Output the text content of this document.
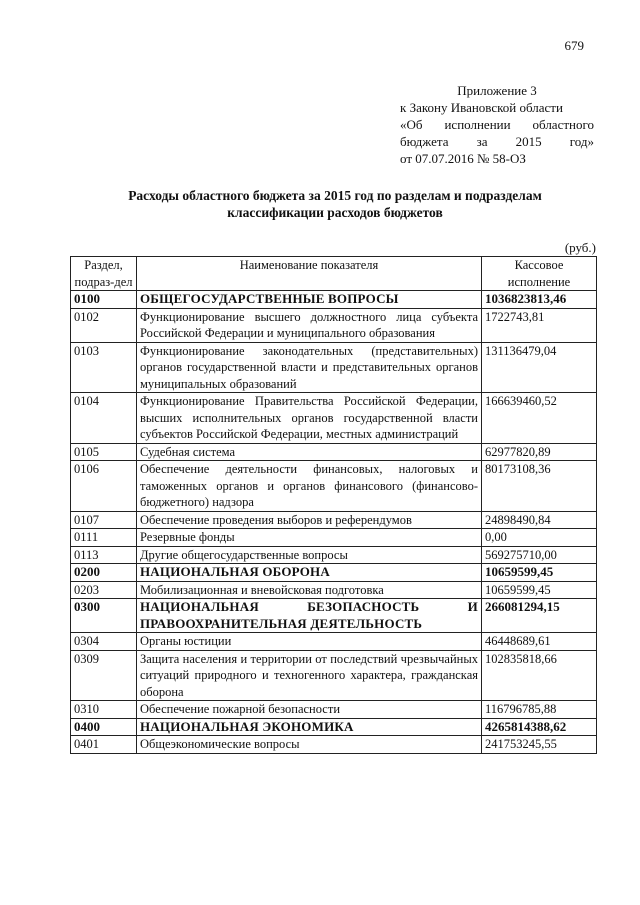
679
Приложение 3
к Закону Ивановской области
«Об исполнении областного
бюджета за 2015 год»
от 07.07.2016 № 58-ОЗ
Расходы областного бюджета за 2015 год по разделам и подразделам
классификации расходов бюджетов
(руб.)
Раздел, подраз-дел	Наименование показателя	Кассовое исполнение
0100	ОБЩЕГОСУДАРСТВЕННЫЕ ВОПРОСЫ	1036823813,46
0102	Функционирование высшего должностного лица субъекта Российской Федерации и муниципального образования	1722743,81
0103	Функционирование законодательных (представительных) органов государственной власти и представительных органов муниципальных образований	131136479,04
0104	Функционирование Правительства Российской Федерации, высших исполнительных органов государственной власти субъектов Российской Федерации, местных администраций	166639460,52
0105	Судебная система	62977820,89
0106	Обеспечение деятельности финансовых, налоговых и таможенных органов и органов финансового (финансово-бюджетного) надзора	80173108,36
0107	Обеспечение проведения выборов и референдумов	24898490,84
0111	Резервные фонды	0,00
0113	Другие общегосударственные вопросы	569275710,00
0200	НАЦИОНАЛЬНАЯ ОБОРОНА	10659599,45
0203	Мобилизационная и вневойсковая подготовка	10659599,45
0300	НАЦИОНАЛЬНАЯ БЕЗОПАСНОСТЬ И ПРАВООХРАНИТЕЛЬНАЯ ДЕЯТЕЛЬНОСТЬ	266081294,15
0304	Органы юстиции	46448689,61
0309	Защита населения и территории от последствий чрезвычайных ситуаций природного и техногенного характера, гражданская оборона	102835818,66
0310	Обеспечение пожарной безопасности	116796785,88
0400	НАЦИОНАЛЬНАЯ ЭКОНОМИКА	4265814388,62
0401	Общеэкономические вопросы	241753245,55
